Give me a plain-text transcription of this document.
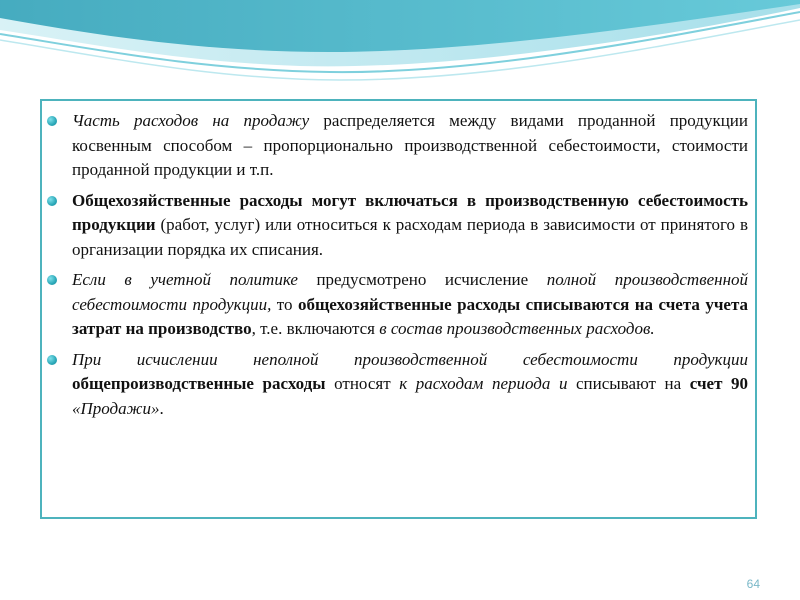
Часть расходов на продажу распределяется между видами проданной продукции косвенным способом – пропорционально производственной себестоимости, стоимости проданной продукции и т.п.
Общехозяйственные расходы могут включаться в производственную себестоимость продукции (работ, услуг) или относиться к расходам периода в зависимости от принятого в организации порядка их списания.
Если в учетной политике предусмотрено исчисление полной производственной себестоимости продукции, то общехозяйственные расходы списываются на счета учета затрат на производство, т.е. включаются в состав производственных расходов.
При исчислении неполной производственной себестоимости продукции общепроизводственные расходы относят к расходам периода и списывают на счет 90 «Продажи».
64
